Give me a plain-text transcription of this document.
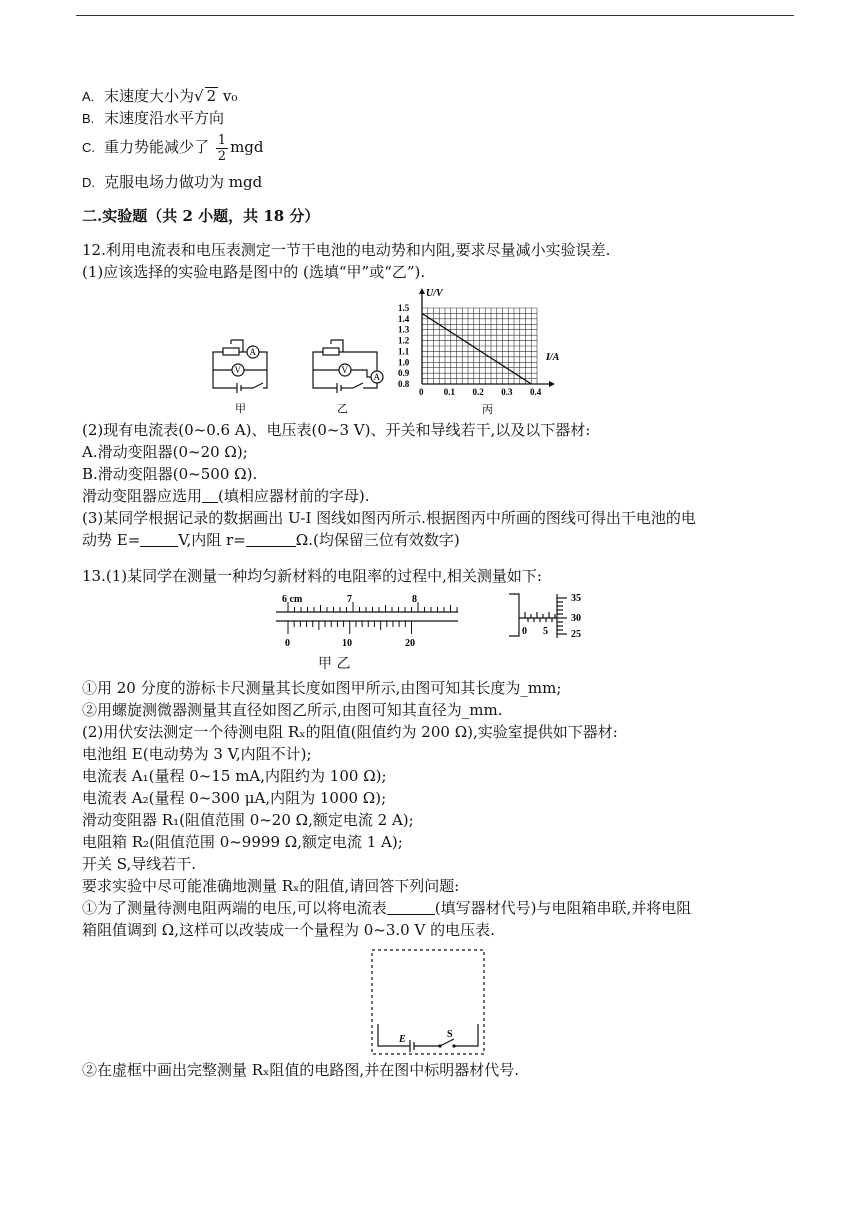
A. 末速度大小为√ 2 v₀
B. 末速度沿水平方向
C. 重力势能减少了 $\frac{1}{2}$ mgd
D. 克服电场力做功为 mgd
二.实验题（共 2 小题，共 18 分）
12.利用电流表和电压表测定一节干电池的电动势和内阻,要求尽量减小实验误差.
(1)应该选择的实验电路是图中的 (选填“甲”或“乙”).
A
V
甲
A
V
乙
0 0.1 0.2 0.3 0.4
0.8
0.9
1.0
1.1
1.2
1.3
1.4
1.5
U/V
I/A
丙
(2)现有电流表(0~0.6 A)、电压表(0~3 V)、开关和导线若干,以及以下器材:
A.滑动变阻器(0~20 Ω);
B.滑动变阻器(0~500 Ω).
滑动变阻器应选用 (填相应器材前的字母).
(3)某同学根据记录的数据画出 U-I 图线如图丙所示.根据图丙中所画的图线可得出干电池的电
动势 E=	V,内阻 r=	Ω.(均保留三位有效数字)
13.(1)某同学在测量一种均匀新材料的电阻率的过程中,相关测量如下:
6 cm	7	8
0	10	20
35
30
25
0 5
甲 乙
①用 20 分度的游标卡尺测量其长度如图甲所示,由图可知其长度为_mm;
②用螺旋测微器测量其直径如图乙所示,由图可知其直径为_mm.
(2)用伏安法测定一个待测电阻 Rₓ的阻值(阻值约为 200 Ω),实验室提供如下器材:
电池组 E(电动势为 3 V,内阻不计);
电流表 A₁(量程 0~15 mA,内阻约为 100 Ω);
电流表 A₂(量程 0~300 μA,内阻为 1000 Ω);
滑动变阻器 R₁(阻值范围 0~20 Ω,额定电流 2 A);
电阻箱 R₂(阻值范围 0~9999 Ω,额定电流 1 A);
开关 S,导线若干.
要求实验中尽可能准确地测量 Rₓ的阻值,请回答下列问题:
①为了测量待测电阻两端的电压,可以将电流表	(填写器材代号)与电阻箱串联,并将电阻
箱阻值调到 Ω,这样可以改装成一个量程为 0~3.0 V 的电压表.
E	S
②在虚框中画出完整测量 Rₓ阻值的电路图,并在图中标明器材代号.
